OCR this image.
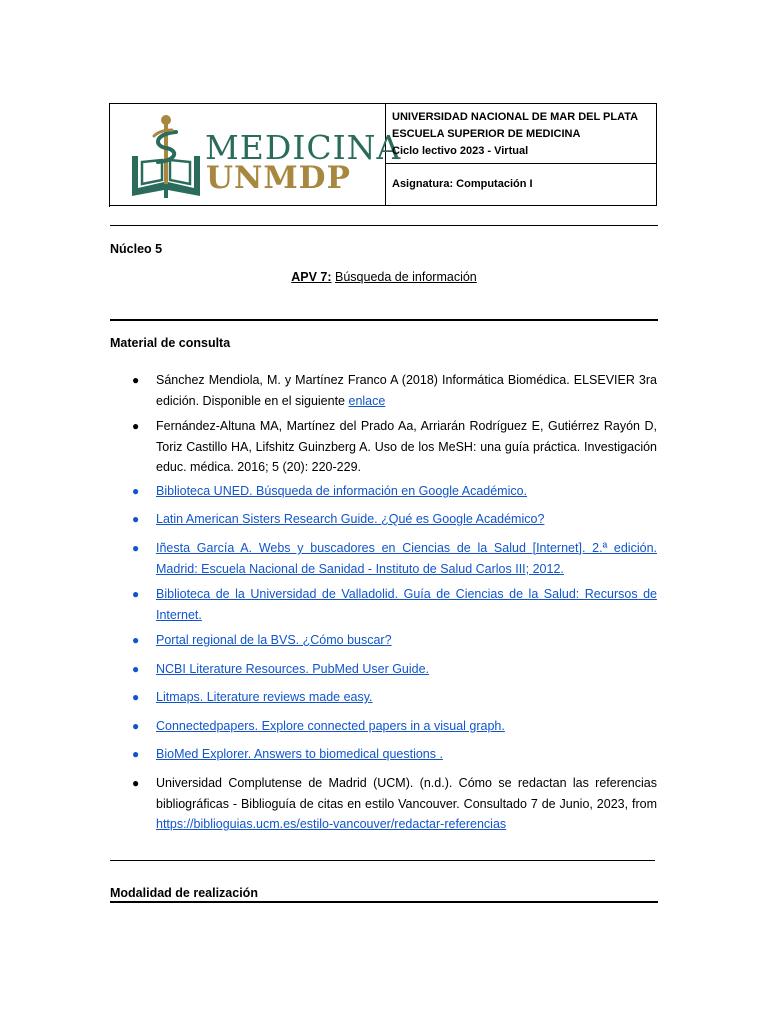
MEDICINA
UNMDP
UNIVERSIDAD NACIONAL DE MAR DEL PLATA
ESCUELA SUPERIOR DE MEDICINA
Ciclo lectivo 2023 - Virtual
Asignatura: Computación I
Núcleo 5
APV 7: Búsqueda de información
Material de consulta
● Sánchez Mendiola, M. y Martínez Franco A (2018) Informática Biomédica. ELSEVIER 3ra edición. Disponible en el siguiente enlace
● Fernández-Altuna MA, Martínez del Prado Aa, Arriarán Rodríguez E, Gutiérrez Rayón D, Toriz Castillo HA, Lifshitz Guinzberg A. Uso de los MeSH: una guía práctica. Investigación educ. médica. 2016; 5 (20): 220-229.
● Biblioteca UNED. Búsqueda de información en Google Académico.
● Latin American Sisters Research Guide. ¿Qué es Google Académico?
● Iñesta García A. Webs y buscadores en Ciencias de la Salud [Internet]. 2.ª edición. Madrid: Escuela Nacional de Sanidad - Instituto de Salud Carlos III; 2012.
● Biblioteca de la Universidad de Valladolid. Guía de Ciencias de la Salud: Recursos de Internet.
● Portal regional de la BVS. ¿Cómo buscar?
● NCBI Literature Resources. PubMed User Guide.
● Litmaps. Literature reviews made easy.
● Connectedpapers. Explore connected papers in a visual graph.
● BioMed Explorer. Answers to biomedical questions .
● Universidad Complutense de Madrid (UCM). (n.d.). Cómo se redactan las referencias bibliográficas - Biblioguía de citas en estilo Vancouver. Consultado 7 de Junio, 2023, from https://biblioguias.ucm.es/estilo-vancouver/redactar-referencias
Modalidad de realización
